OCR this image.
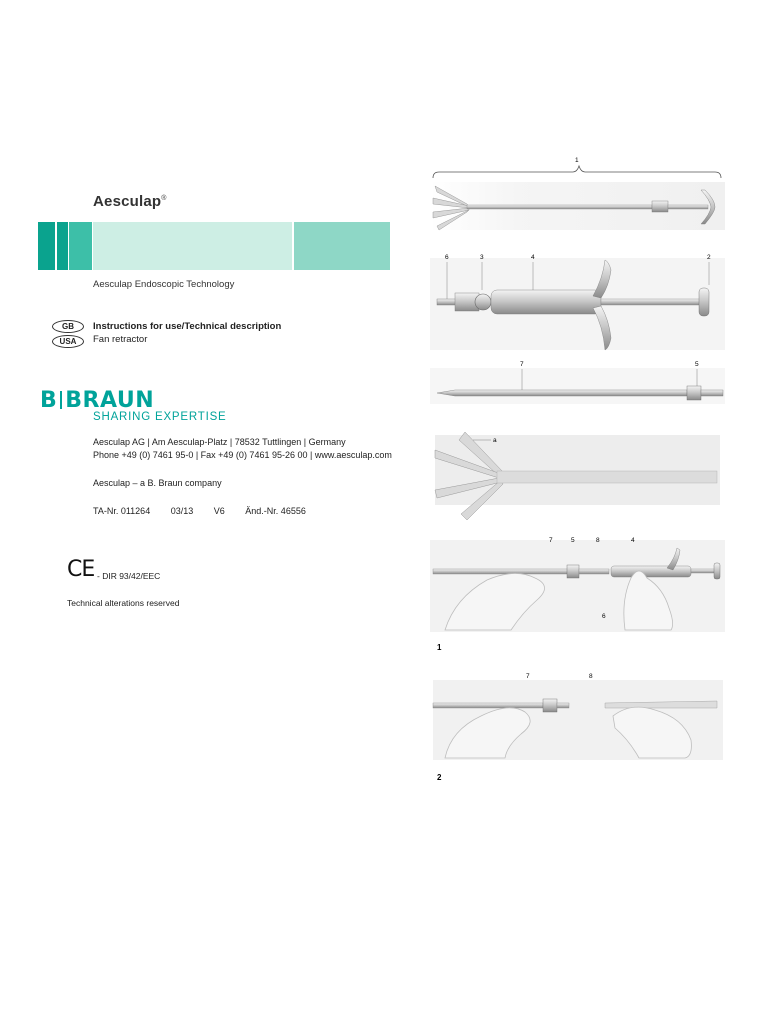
Aesculap®
Aesculap Endoscopic Technology
GB
USA
Instructions for use/Technical description
Fan retractor
B BRAUN
SHARING EXPERTISE
Aesculap AG | Am Aesculap-Platz | 78532 Tuttlingen | Germany
Phone +49 (0) 7461 95-0 | Fax +49 (0) 7461 95-26 00 | www.aesculap.com
Aesculap – a B. Braun company
TA-Nr. 011264 03/13 V6 Änd.-Nr. 46556
CE - DIR 93/42/EEC
Technical alterations reserved
1
6	3	4	2
7	5
a
7	5	8	4
6
1
7	8
2
